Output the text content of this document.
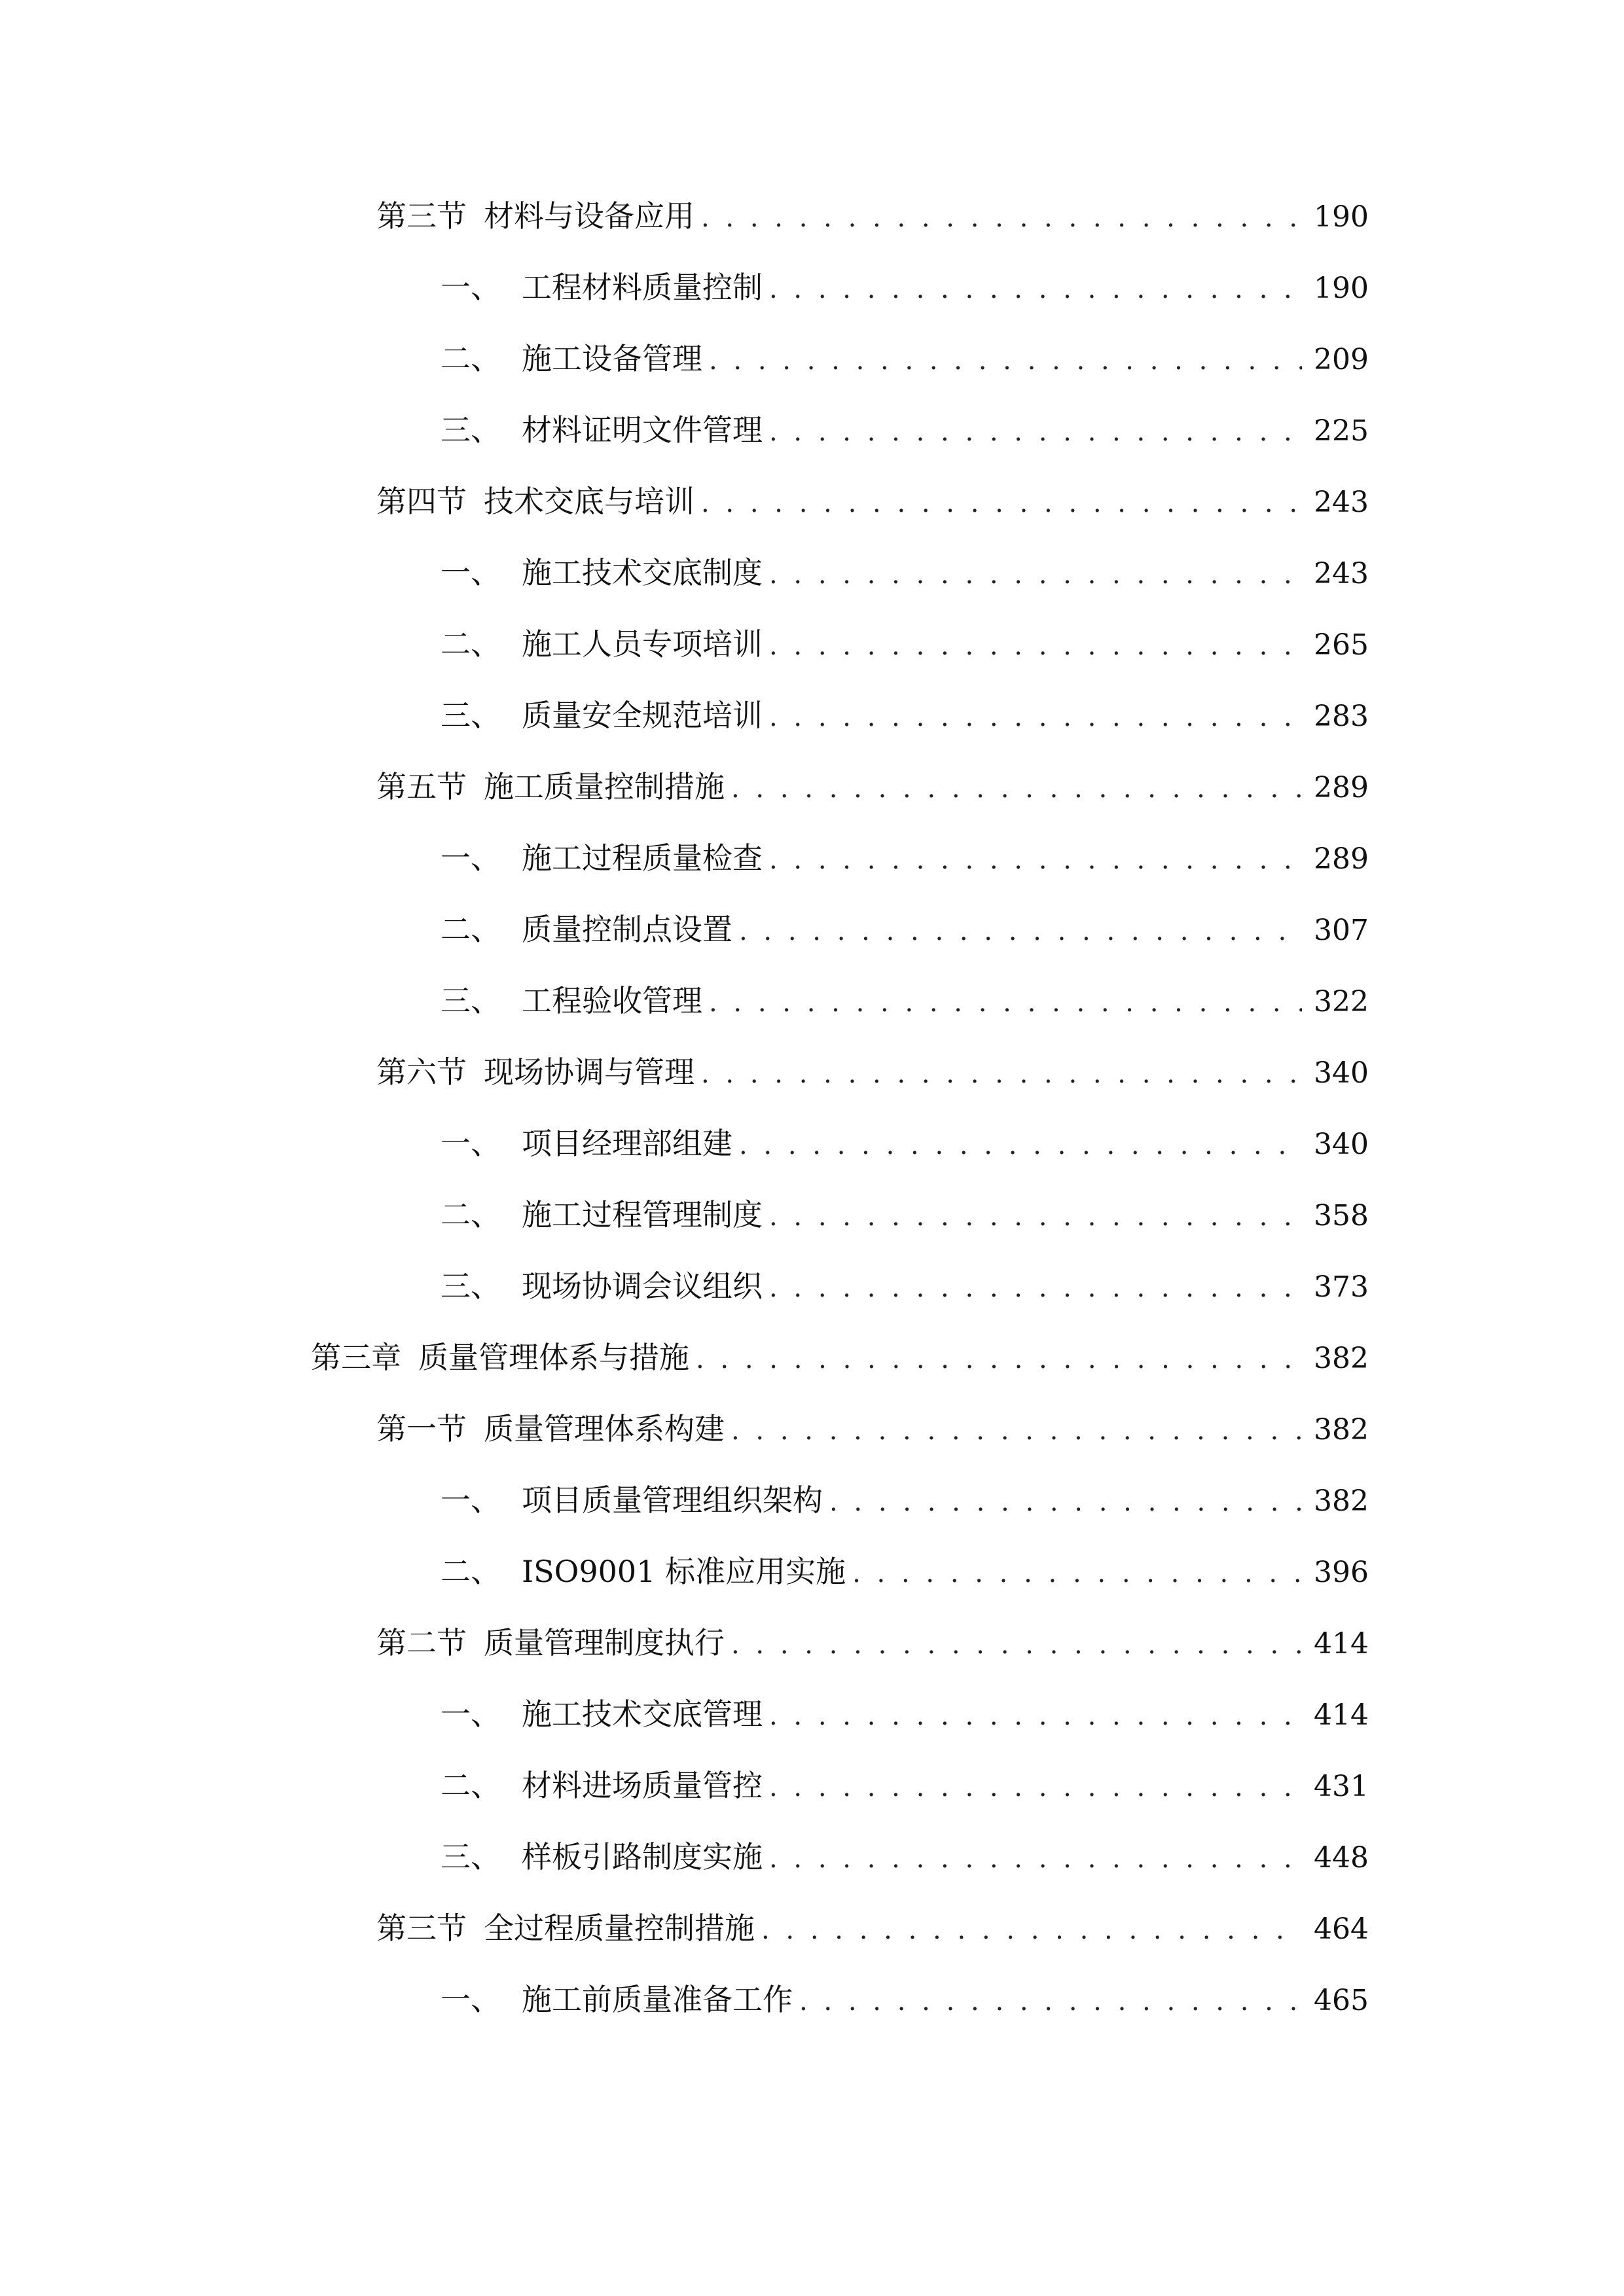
第三节 材料与设备应用 . . .	190
一、 工程材料质量控制 . . .	190
二、 施工设备管理 . . .	209
三、 材料证明文件管理 . . .	225
第四节 技术交底与培训 . . .	243
一、 施工技术交底制度 . . .	243
二、 施工人员专项培训 . . .	265
三、 质量安全规范培训 . . .	283
第五节 施工质量控制措施 . . .	289
一、 施工过程质量检查 . . .	289
二、 质量控制点设置 . . .	307
三、 工程验收管理 . . .	322
第六节 现场协调与管理 . . .	340
一、 项目经理部组建 . . .	340
二、 施工过程管理制度 . . .	358
三、 现场协调会议组织 . . .	373
第三章 质量管理体系与措施 . . .	382
第一节 质量管理体系构建 . . .	382
一、 项目质量管理组织架构 . . .	382
二、 ISO9001 标准应用实施 . . .	396
第二节 质量管理制度执行 . . .	414
一、 施工技术交底管理 . . .	414
二、 材料进场质量管控 . . .	431
三、 样板引路制度实施 . . .	448
第三节 全过程质量控制措施 . . .	464
一、 施工前质量准备工作 . . .	465
